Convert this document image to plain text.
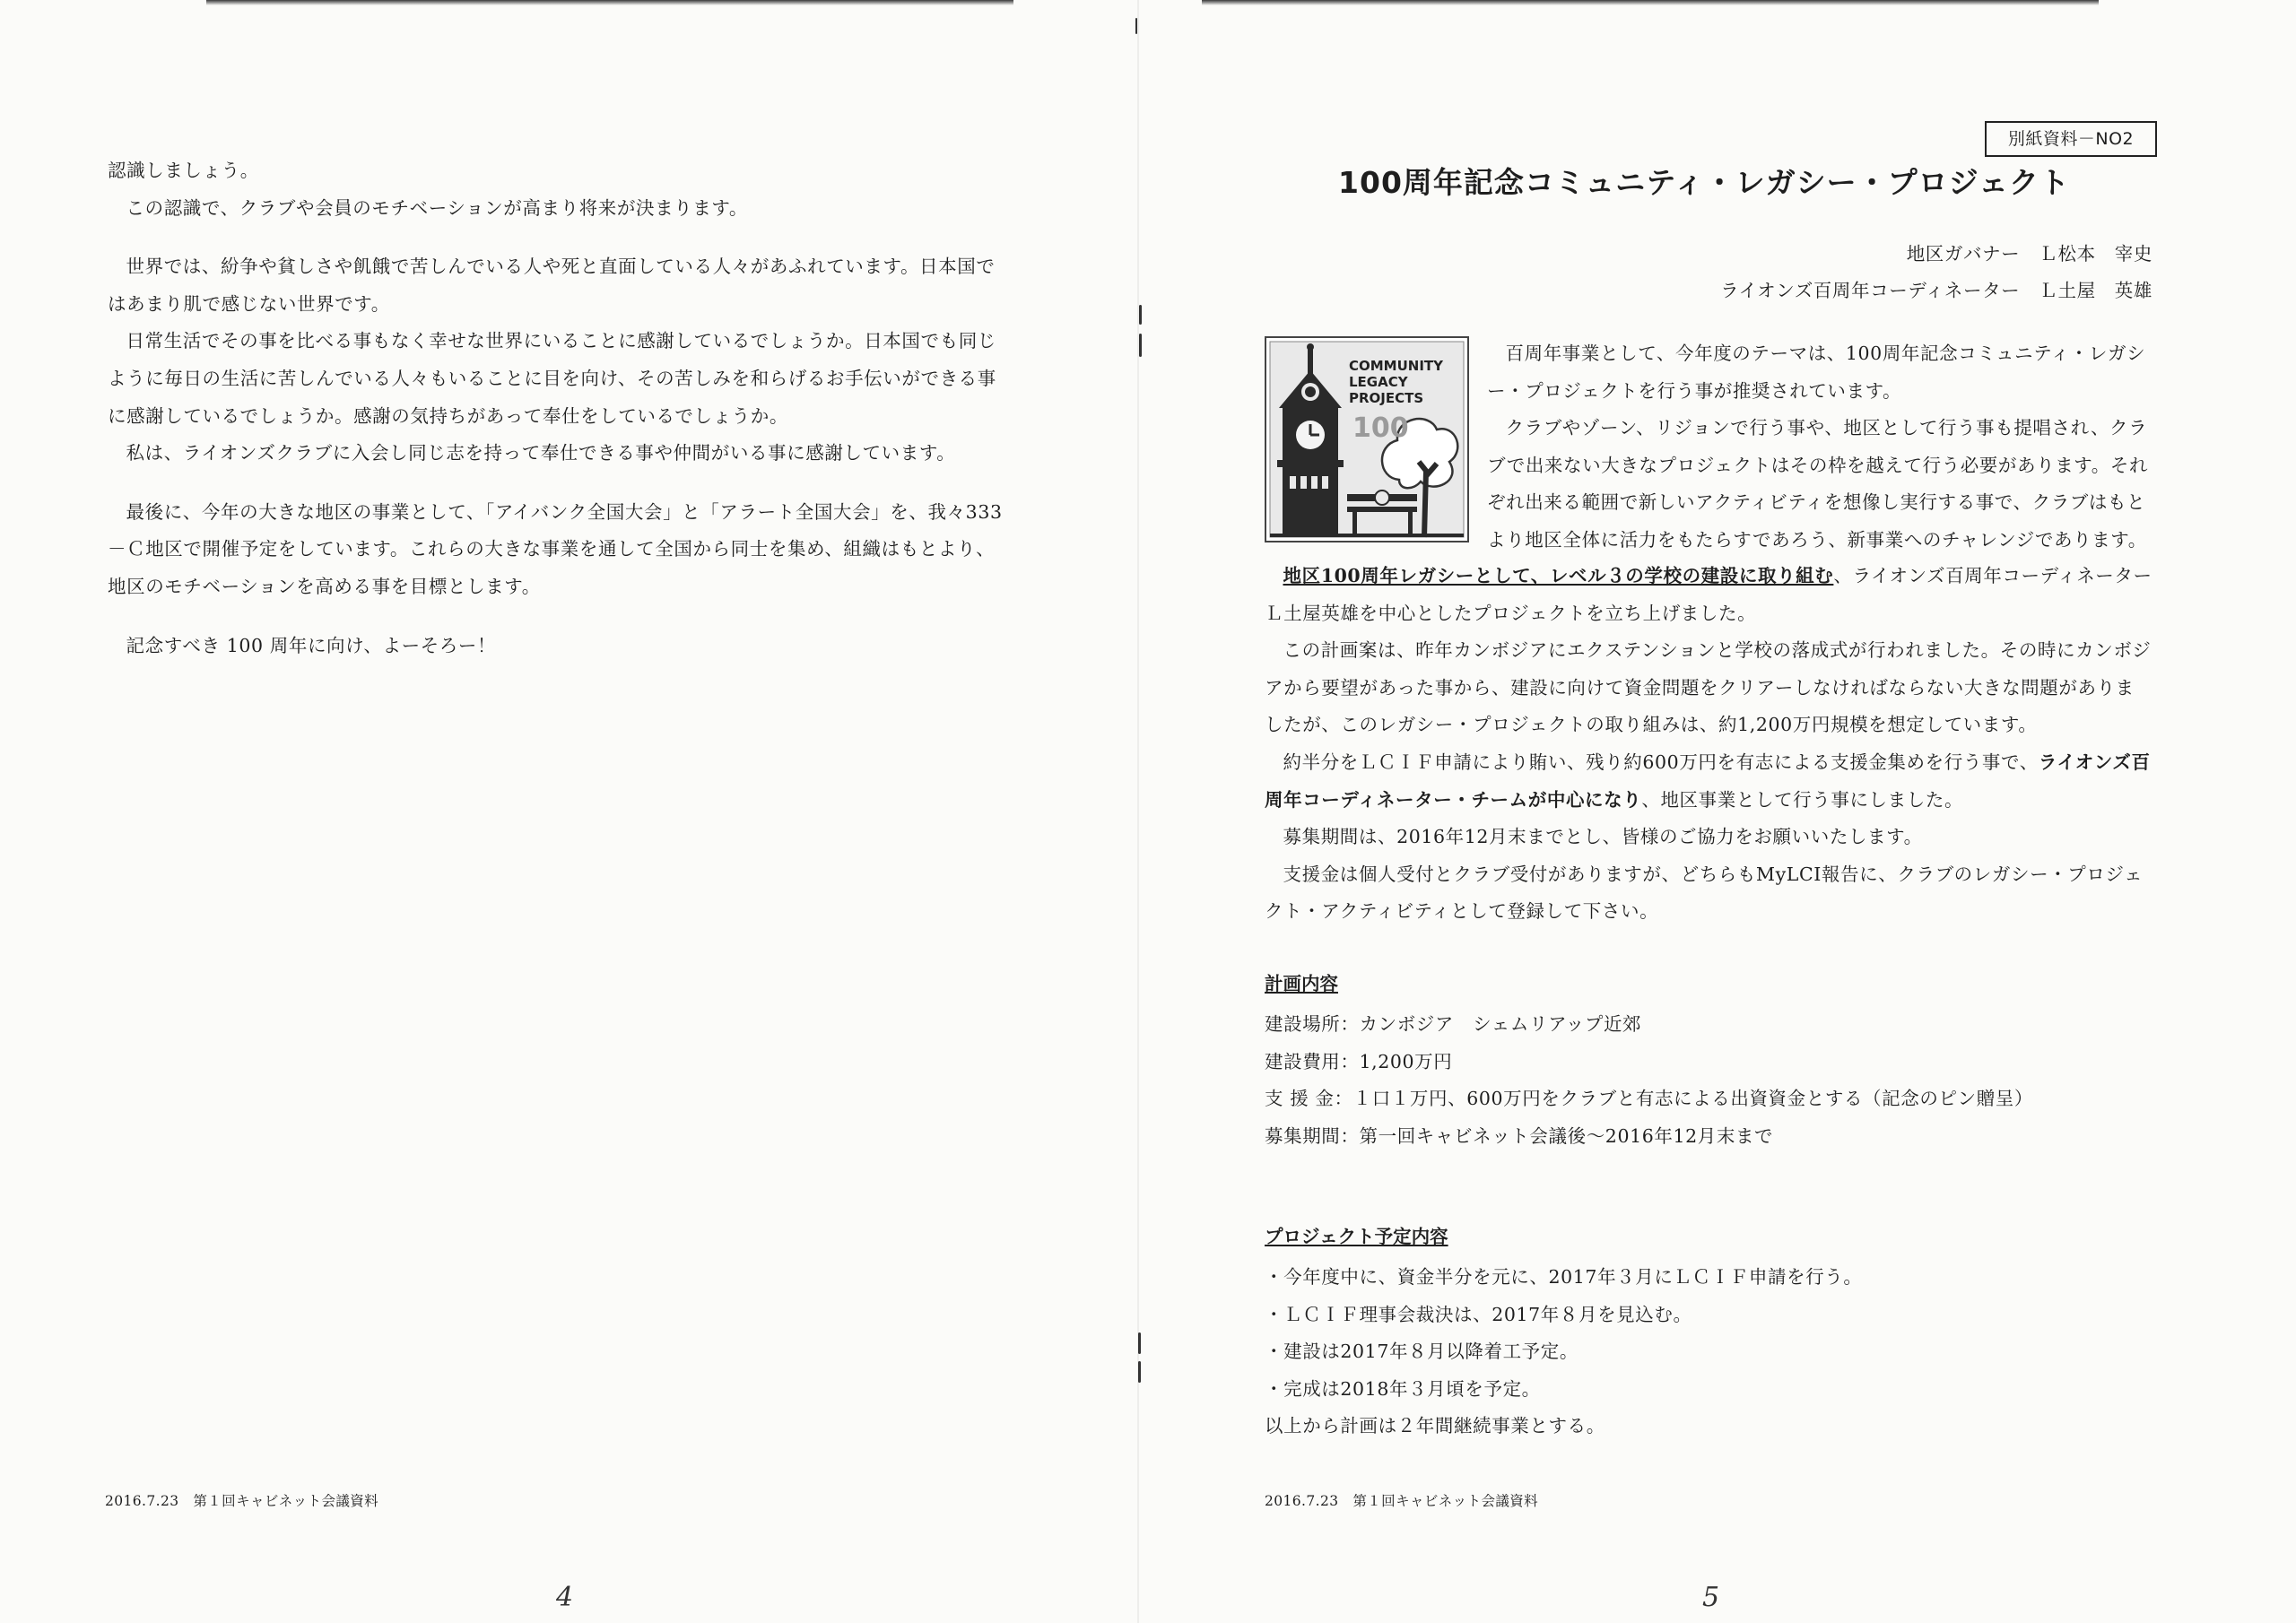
認識しましょう。

この認識で、クラブや会員のモチベーションが高まり将来が決まります。

世界では、紛争や貧しさや飢餓で苦しんでいる人や死と直面している人々があふれています。日本国ではあまり肌で感じない世界です。

日常生活でその事を比べる事もなく幸せな世界にいることに感謝しているでしょうか。日本国でも同じように毎日の生活に苦しんでいる人々もいることに目を向け、その苦しみを和らげるお手伝いができる事に感謝しているでしょうか。感謝の気持ちがあって奉仕をしているでしょうか。

私は、ライオンズクラブに入会し同じ志を持って奉仕できる事や仲間がいる事に感謝しています。

最後に、今年の大きな地区の事業として、「アイバンク全国大会」と「アラート全国大会」を、我々333－Ｃ地区で開催予定をしています。これらの大きな事業を通して全国から同士を集め、組織はもとより、地区のモチベーションを高める事を目標とします。

記念すべき 100 周年に向け、よーそろー！

2016.7.23　第１回キャビネット会議資料
4
別紙資料－NO2
100周年記念コミュニティ・レガシー・プロジェクト
地区ガバナー　Ｌ松本　宰史
ライオンズ百周年コーディネーター　Ｌ土屋　英雄
COMMUNITY
LEGACY
PROJECTS
100

百周年事業として、今年度のテーマは、100周年記念コミュニティ・レガシー・プロジェクトを行う事が推奨されています。

クラブやゾーン、リジョンで行う事や、地区として行う事も提唱され、クラブで出来ない大きなプロジェクトはその枠を越えて行う必要があります。それぞれ出来る範囲で新しいアクティビティを想像し実行する事で、クラブはもとより地区全体に活力をもたらすであろう、新事業へのチャレンジであります。

地区100周年レガシーとして、レベル３の学校の建設に取り組む、ライオンズ百周年コーディネーターＬ土屋英雄を中心としたプロジェクトを立ち上げました。

この計画案は、昨年カンボジアにエクステンションと学校の落成式が行われました。その時にカンボジアから要望があった事から、建設に向けて資金問題をクリアーしなければならない大きな問題がありましたが、このレガシー・プロジェクトの取り組みは、約1,200万円規模を想定しています。

約半分をＬＣＩＦ申請により賄い、残り約600万円を有志による支援金集めを行う事で、ライオンズ百周年コーディネーター・チームが中心になり、地区事業として行う事にしました。

募集期間は、2016年12月末までとし、皆様のご協力をお願いいたします。

支援金は個人受付とクラブ受付がありますが、どちらもMyLCI報告に、クラブのレガシー・プロジェクト・アクティビティとして登録して下さい。

計画内容

建設場所：カンボジア　シェムリアップ近郊

建設費用：1,200万円

支 援 金：１口１万円、600万円をクラブと有志による出資資金とする（記念のピン贈呈）

募集期間：第一回キャビネット会議後～2016年12月末まで

プロジェクト予定内容

・今年度中に、資金半分を元に、2017年３月にＬＣＩＦ申請を行う。

・ＬＣＩＦ理事会裁決は、2017年８月を見込む。

・建設は2017年８月以降着工予定。

・完成は2018年３月頃を予定。

以上から計画は２年間継続事業とする。

2016.7.23　第１回キャビネット会議資料
5
